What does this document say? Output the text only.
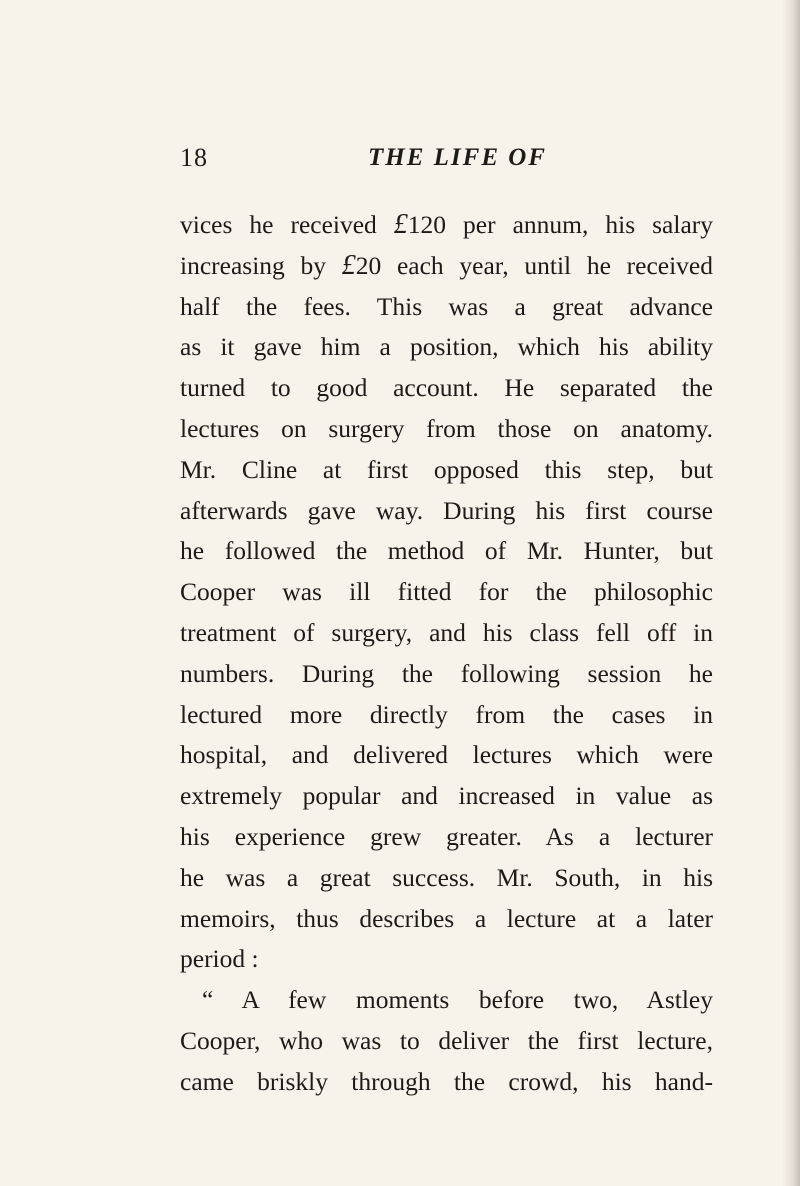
18	THE LIFE OF
vices he received £120 per annum, his salary
increasing by £20 each year, until he received
half the fees. This was a great advance
as it gave him a position, which his ability
turned to good account. He separated the
lectures on surgery from those on anatomy.
Mr. Cline at first opposed this step, but
afterwards gave way. During his first course
he followed the method of Mr. Hunter, but
Cooper was ill fitted for the philosophic
treatment of surgery, and his class fell off in
numbers. During the following session he
lectured more directly from the cases in
hospital, and delivered lectures which were
extremely popular and increased in value as
his experience grew greater. As a lecturer
he was a great success. Mr. South, in his
memoirs, thus describes a lecture at a later
period :
“ A few moments before two, Astley
Cooper, who was to deliver the first lecture,
came briskly through the crowd, his hand-
